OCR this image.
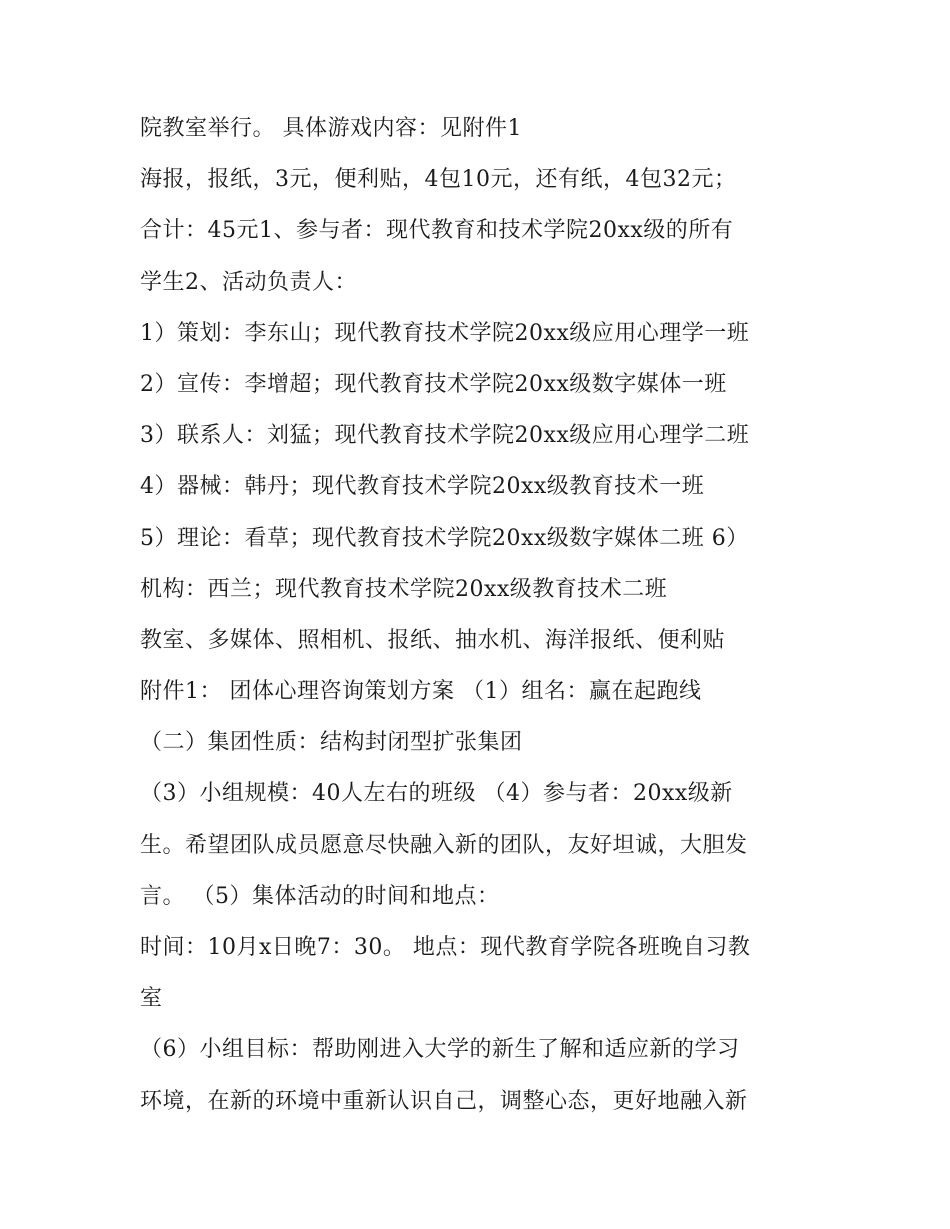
院教室举行。 具体游戏内容：见附件1
海报，报纸，3元，便利贴，4包10元，还有纸，4包32元；
合计：45元1、参与者：现代教育和技术学院20xx级的所有
学生2、活动负责人：
1）策划：李东山；现代教育技术学院20xx级应用心理学一班
2）宣传：李增超；现代教育技术学院20xx级数字媒体一班
3）联系人：刘猛；现代教育技术学院20xx级应用心理学二班
4）器械：韩丹；现代教育技术学院20xx级教育技术一班
5）理论：看草；现代教育技术学院20xx级数字媒体二班 6）
机构：西兰；现代教育技术学院20xx级教育技术二班
教室、多媒体、照相机、报纸、抽水机、海洋报纸、便利贴
附件1： 团体心理咨询策划方案 （1）组名：赢在起跑线
（二）集团性质：结构封闭型扩张集团
（3）小组规模：40人左右的班级 （4）参与者：20xx级新
生。希望团队成员愿意尽快融入新的团队，友好坦诚，大胆发
言。 （5）集体活动的时间和地点：
时间：10月x日晚7：30。 地点：现代教育学院各班晚自习教
室
（6）小组目标：帮助刚进入大学的新生了解和适应新的学习
环境，在新的环境中重新认识自己，调整心态，更好地融入新
